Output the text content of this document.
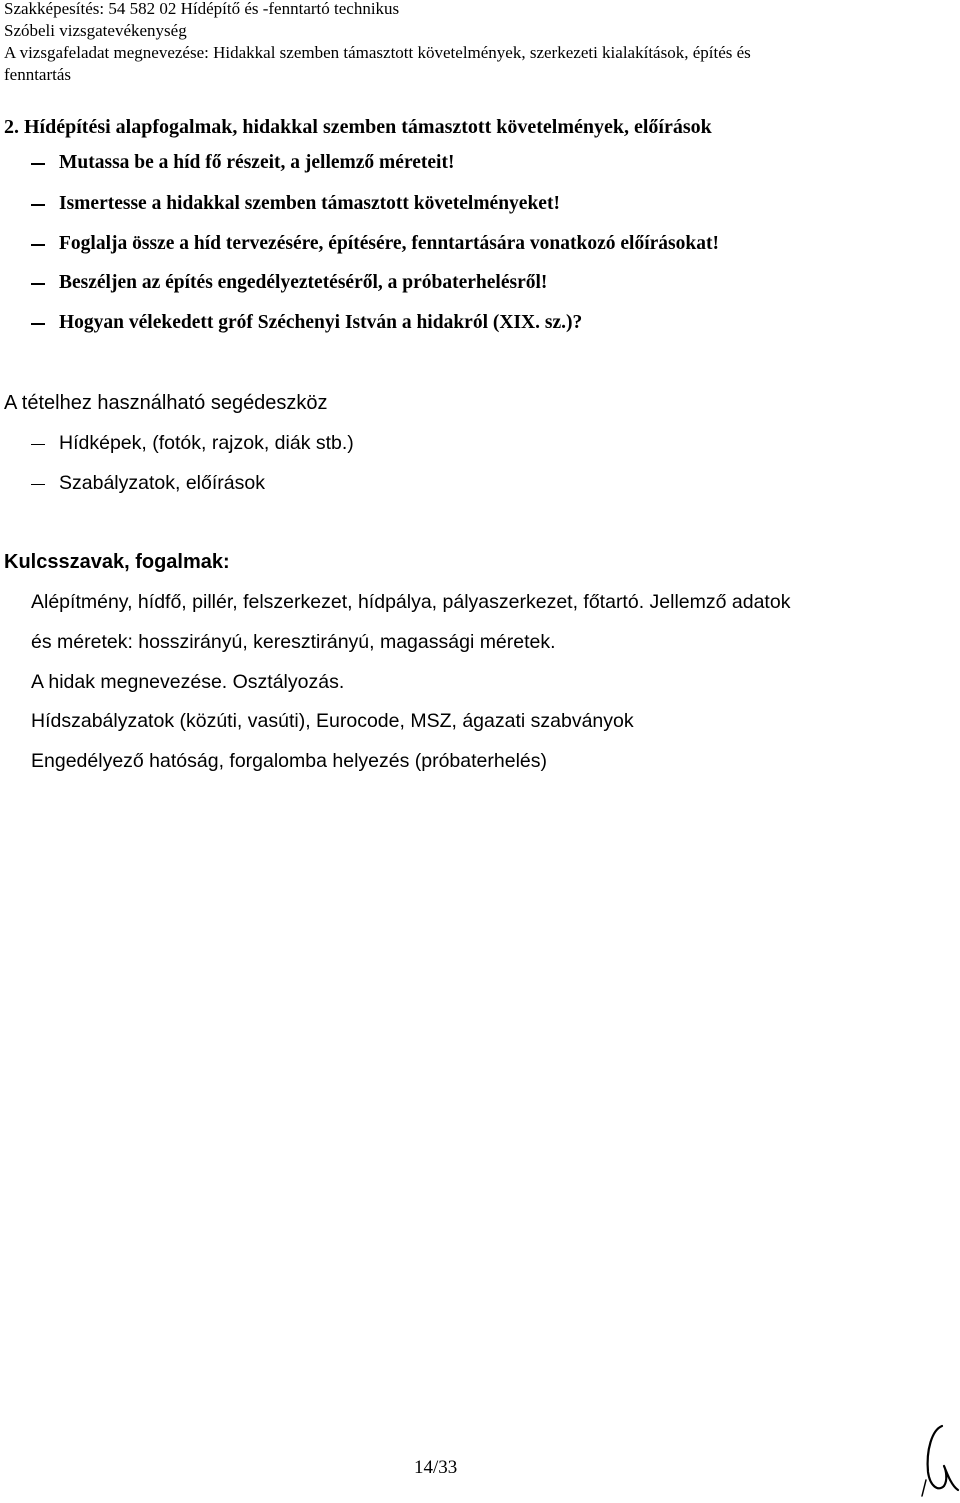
Szakképesítés: 54 582 02 Hídépítő és -fenntartó technikus
Szóbeli vizsgatevékenység
A vizsgafeladat megnevezése: Hidakkal szemben támasztott követelmények, szerkezeti kialakítások, építés és
fenntartás
2. Hídépítési alapfogalmak, hidakkal szemben támasztott követelmények, előírások
Mutassa be a híd fő részeit, a jellemző méreteit!
Ismertesse a hidakkal szemben támasztott követelményeket!
Foglalja össze a híd tervezésére, építésére, fenntartására vonatkozó előírásokat!
Beszéljen az építés engedélyeztetéséről, a próbaterhelésről!
Hogyan vélekedett gróf Széchenyi István a hidakról (XIX. sz.)?
A tételhez használható segédeszköz
Hídképek, (fotók, rajzok, diák stb.)
Szabályzatok, előírások
Kulcsszavak, fogalmak:
Alépítmény, hídfő, pillér, felszerkezet, hídpálya, pályaszerkezet, főtartó. Jellemző adatok
és méretek: hosszirányú, keresztirányú, magassági méretek.
A hidak megnevezése. Osztályozás.
Hídszabályzatok (közúti, vasúti), Eurocode, MSZ, ágazati szabványok
Engedélyező hatóság, forgalomba helyezés (próbaterhelés)
14/33
